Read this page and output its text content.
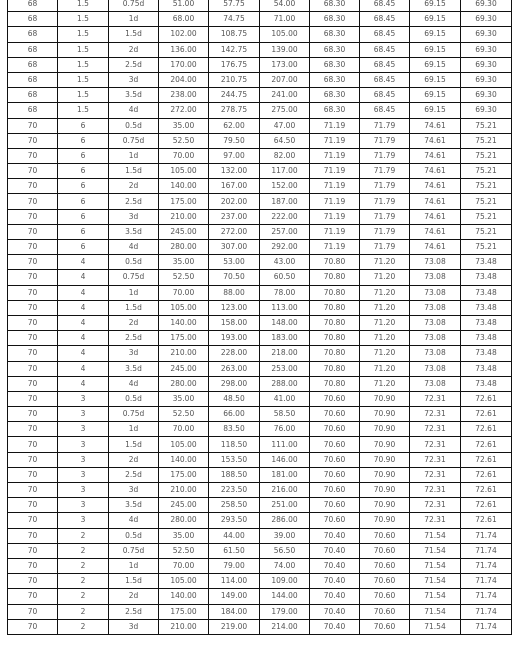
68	1.5	0.75d	51.00	57.75	54.00	68.30	68.45	69.15	69.30
68	1.5	1d	68.00	74.75	71.00	68.30	68.45	69.15	69.30
68	1.5	1.5d	102.00	108.75	105.00	68.30	68.45	69.15	69.30
68	1.5	2d	136.00	142.75	139.00	68.30	68.45	69.15	69.30
68	1.5	2.5d	170.00	176.75	173.00	68.30	68.45	69.15	69.30
68	1.5	3d	204.00	210.75	207.00	68.30	68.45	69.15	69.30
68	1.5	3.5d	238.00	244.75	241.00	68.30	68.45	69.15	69.30
68	1.5	4d	272.00	278.75	275.00	68.30	68.45	69.15	69.30
70	6	0.5d	35.00	62.00	47.00	71.19	71.79	74.61	75.21
70	6	0.75d	52.50	79.50	64.50	71.19	71.79	74.61	75.21
70	6	1d	70.00	97.00	82.00	71.19	71.79	74.61	75.21
70	6	1.5d	105.00	132.00	117.00	71.19	71.79	74.61	75.21
70	6	2d	140.00	167.00	152.00	71.19	71.79	74.61	75.21
70	6	2.5d	175.00	202.00	187.00	71.19	71.79	74.61	75.21
70	6	3d	210.00	237.00	222.00	71.19	71.79	74.61	75.21
70	6	3.5d	245.00	272.00	257.00	71.19	71.79	74.61	75.21
70	6	4d	280.00	307.00	292.00	71.19	71.79	74.61	75.21
70	4	0.5d	35.00	53.00	43.00	70.80	71.20	73.08	73.48
70	4	0.75d	52.50	70.50	60.50	70.80	71.20	73.08	73.48
70	4	1d	70.00	88.00	78.00	70.80	71.20	73.08	73.48
70	4	1.5d	105.00	123.00	113.00	70.80	71.20	73.08	73.48
70	4	2d	140.00	158.00	148.00	70.80	71.20	73.08	73.48
70	4	2.5d	175.00	193.00	183.00	70.80	71.20	73.08	73.48
70	4	3d	210.00	228.00	218.00	70.80	71.20	73.08	73.48
70	4	3.5d	245.00	263.00	253.00	70.80	71.20	73.08	73.48
70	4	4d	280.00	298.00	288.00	70.80	71.20	73.08	73.48
70	3	0.5d	35.00	48.50	41.00	70.60	70.90	72.31	72.61
70	3	0.75d	52.50	66.00	58.50	70.60	70.90	72.31	72.61
70	3	1d	70.00	83.50	76.00	70.60	70.90	72.31	72.61
70	3	1.5d	105.00	118.50	111.00	70.60	70.90	72.31	72.61
70	3	2d	140.00	153.50	146.00	70.60	70.90	72.31	72.61
70	3	2.5d	175.00	188.50	181.00	70.60	70.90	72.31	72.61
70	3	3d	210.00	223.50	216.00	70.60	70.90	72.31	72.61
70	3	3.5d	245.00	258.50	251.00	70.60	70.90	72.31	72.61
70	3	4d	280.00	293.50	286.00	70.60	70.90	72.31	72.61
70	2	0.5d	35.00	44.00	39.00	70.40	70.60	71.54	71.74
70	2	0.75d	52.50	61.50	56.50	70.40	70.60	71.54	71.74
70	2	1d	70.00	79.00	74.00	70.40	70.60	71.54	71.74
70	2	1.5d	105.00	114.00	109.00	70.40	70.60	71.54	71.74
70	2	2d	140.00	149.00	144.00	70.40	70.60	71.54	71.74
70	2	2.5d	175.00	184.00	179.00	70.40	70.60	71.54	71.74
70	2	3d	210.00	219.00	214.00	70.40	70.60	71.54	71.74
